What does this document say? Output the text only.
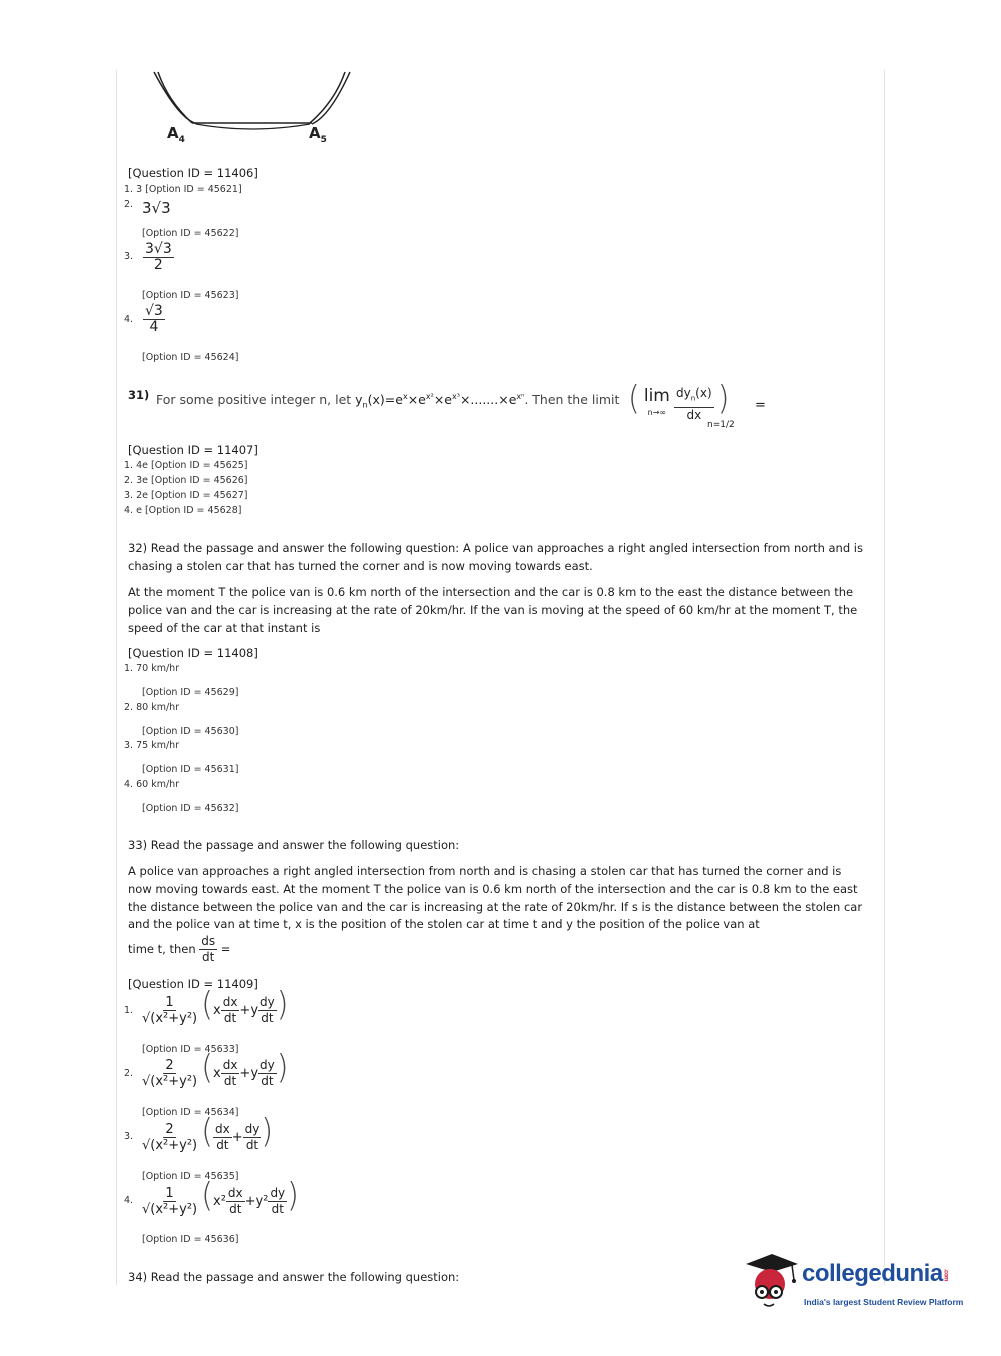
$A_4$	$A_5$
[Question ID = 11406]
1. 3 [Option ID = 45621]
2. 3√3
[Option ID = 45622]
3. $\frac{3√3}{2}$
[Option ID = 45623]
4. $\frac{√3}{4}$
[Option ID = 45624]
31) For some positive integer n, let $y_n(x)=e^x\times e^{x^2}\times e^{x^3}\times.......\times e^{x^n}$. Then the limit ( lim
$n\to\infty \frac{dy_n(x)}{dx}$ )
n=1/2
=
[Question ID = 11407]
1. 4e [Option ID = 45625]
2. 3e [Option ID = 45626]
3. 2e [Option ID = 45627]
4. e [Option ID = 45628]
32) Read the passage and answer the following question: A police van approaches a right angled intersection from north and is chasing a stolen car that has turned the corner and is now moving towards east.
At the moment T the police van is 0.6 km north of the intersection and the car is 0.8 km to the east the distance between the police van and the car is increasing at the rate of 20km/hr. If the van is moving at the speed of 60 km/hr at the moment T, the speed of the car at that instant is
[Question ID = 11408]
1. 70 km/hr
[Option ID = 45629]
2. 80 km/hr
[Option ID = 45630]
3. 75 km/hr
[Option ID = 45631]
4. 60 km/hr
[Option ID = 45632]
33) Read the passage and answer the following question:
A police van approaches a right angled intersection from north and is chasing a stolen car that has turned the corner and is now moving towards east. At the moment T the police van is 0.6 km north of the intersection and the car is 0.8 km to the east the distance between the police van and the car is increasing at the rate of 20km/hr. If s is the distance between the stolen car and the police van at time t, x is the position of the stolen car at time t and y the position of the police van at
time t, then $\frac{ds}{dt}$ =
[Question ID = 11409]
1. $\frac{1}{\text{√(x²+y²)}} (x \frac{dx}{dt} +y \frac{dy}{dt}$ )
[Option ID = 45633]
2. $\frac{2}{\text{√(x²+y²)}} (x \frac{dx}{dt} +y \frac{dy}{dt}$ )
[Option ID = 45634]
3. $\frac{2}{\text{√(x²+y²)}}$ ( $\frac{dx}{dt} + \frac{dy}{dt}$ )
[Option ID = 45635]
4. $\frac{1}{\text{√(x²+y²)}} (x^2 \frac{dx}{dt} +y^2 \frac{dy}{dt}$ )
[Option ID = 45636]
34) Read the passage and answer the following question:	collegedunia.com
India's largest Student Review Platform
